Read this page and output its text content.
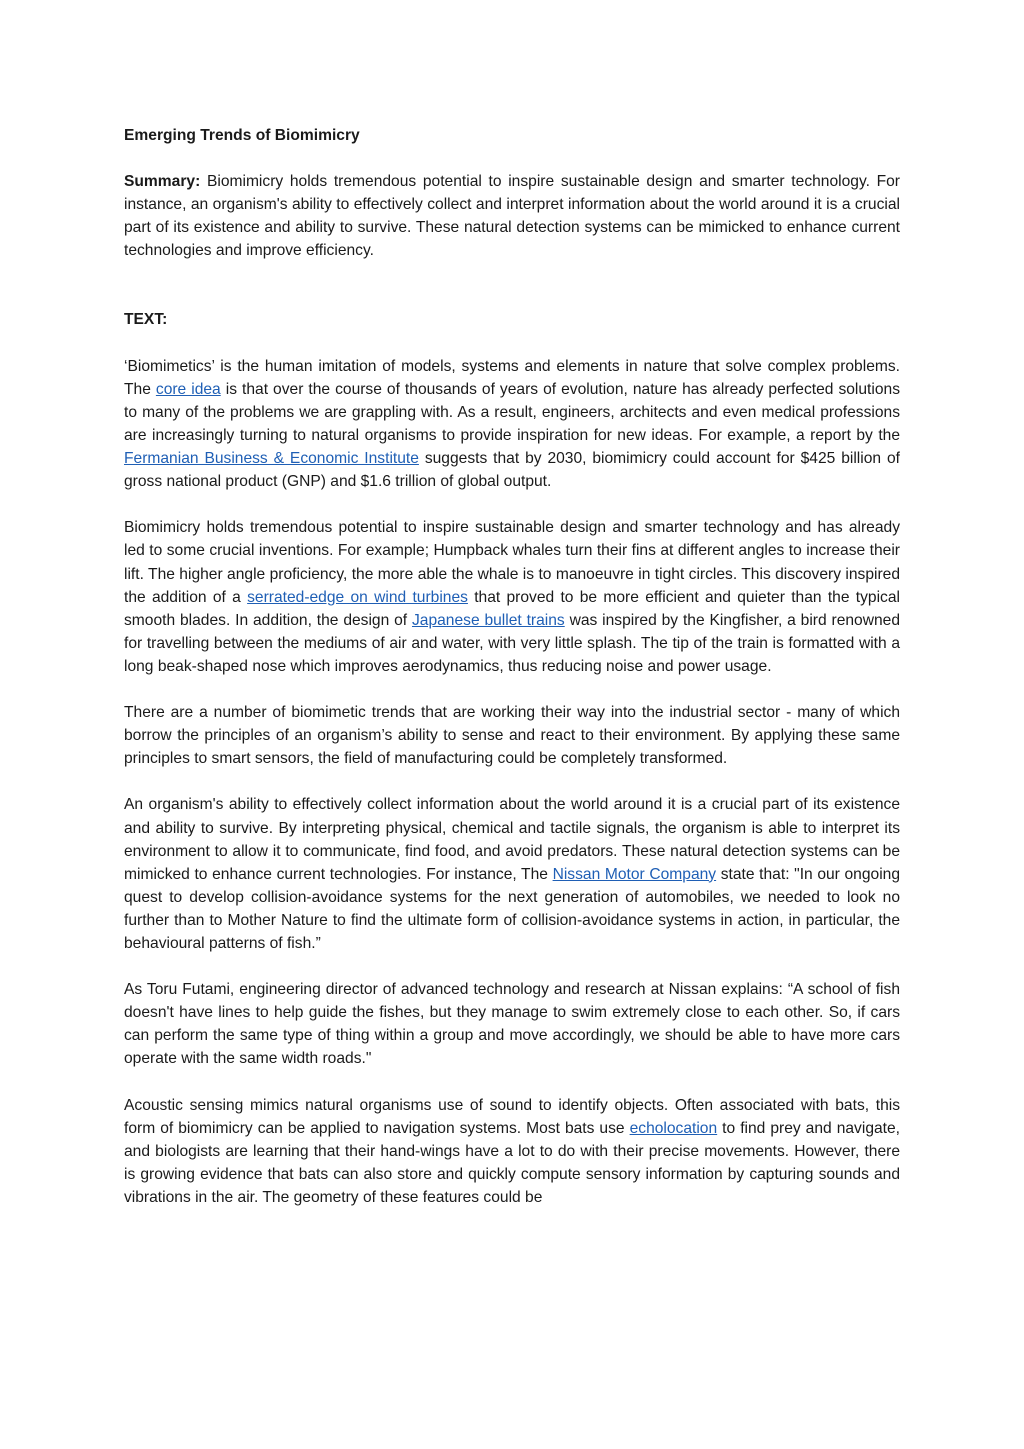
Emerging Trends of Biomimicry

Summary: Biomimicry holds tremendous potential to inspire sustainable design and smarter technology. For instance, an organism's ability to effectively collect and interpret information about the world around it is a crucial part of its existence and ability to survive. These natural detection systems can be mimicked to enhance current technologies and improve efficiency.

TEXT:

‘Biomimetics’ is the human imitation of models, systems and elements in nature that solve complex problems. The core idea is that over the course of thousands of years of evolution, nature has already perfected solutions to many of the problems we are grappling with. As a result, engineers, architects and even medical professions are increasingly turning to natural organisms to provide inspiration for new ideas. For example, a report by the Fermanian Business & Economic Institute suggests that by 2030, biomimicry could account for $425 billion of gross national product (GNP) and $1.6 trillion of global output.

Biomimicry holds tremendous potential to inspire sustainable design and smarter technology and has already led to some crucial inventions. For example; Humpback whales turn their fins at different angles to increase their lift. The higher angle proficiency, the more able the whale is to manoeuvre in tight circles. This discovery inspired the addition of a serrated-edge on wind turbines that proved to be more efficient and quieter than the typical smooth blades. In addition, the design of Japanese bullet trains was inspired by the Kingfisher, a bird renowned for travelling between the mediums of air and water, with very little splash. The tip of the train is formatted with a long beak-shaped nose which improves aerodynamics, thus reducing noise and power usage.

There are a number of biomimetic trends that are working their way into the industrial sector - many of which borrow the principles of an organism’s ability to sense and react to their environment. By applying these same principles to smart sensors, the field of manufacturing could be completely transformed.

An organism's ability to effectively collect information about the world around it is a crucial part of its existence and ability to survive. By interpreting physical, chemical and tactile signals, the organism is able to interpret its environment to allow it to communicate, find food, and avoid predators. These natural detection systems can be mimicked to enhance current technologies. For instance, The Nissan Motor Company state that: "In our ongoing quest to develop collision-avoidance systems for the next generation of automobiles, we needed to look no further than to Mother Nature to find the ultimate form of collision-avoidance systems in action, in particular, the behavioural patterns of fish.”

As Toru Futami, engineering director of advanced technology and research at Nissan explains: “A school of fish doesn't have lines to help guide the fishes, but they manage to swim extremely close to each other. So, if cars can perform the same type of thing within a group and move accordingly, we should be able to have more cars operate with the same width roads."

Acoustic sensing mimics natural organisms use of sound to identify objects. Often associated with bats, this form of biomimicry can be applied to navigation systems. Most bats use echolocation to find prey and navigate, and biologists are learning that their hand-wings have a lot to do with their precise movements. However, there is growing evidence that bats can also store and quickly compute sensory information by capturing sounds and vibrations in the air. The geometry of these features could be
